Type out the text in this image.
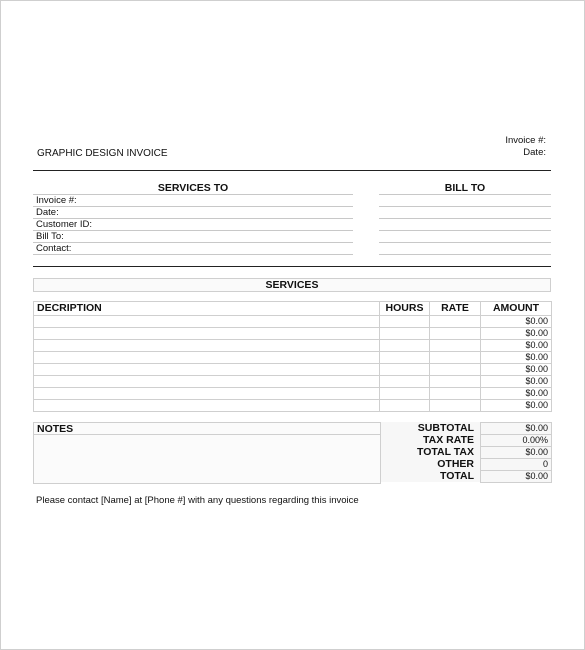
GRAPHIC DESIGN INVOICE
Invoice #:
Date:
SERVICES TO
Invoice #:
Date:
Customer ID:
Bill To:
Contact:
BILL TO
SERVICES
DECRIPTION	HOURS	RATE	AMOUNT
			$0.00
			$0.00
			$0.00
			$0.00
			$0.00
			$0.00
			$0.00
			$0.00
NOTES	SUBTOTAL	$0.00
TAX RATE	0.00%
TOTAL TAX	$0.00
OTHER	0
TOTAL	$0.00
Please contact [Name] at [Phone #] with any questions regarding this invoice
